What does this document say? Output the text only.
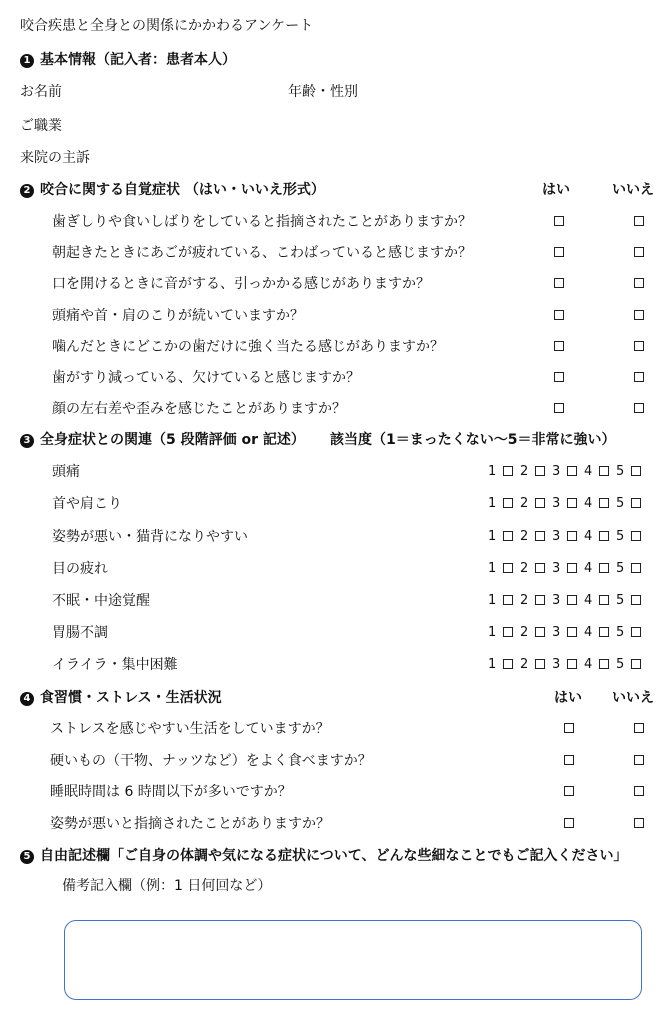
咬合疾患と全身との関係にかかわるアンケート
1 基本情報（記入者：患者本人）
お名前	年齢・性別
ご職業
来院の主訴
2 咬合に関する自覚症状 （はい・いいえ形式）	はい	いいえ
歯ぎしりや食いしばりをしていると指摘されたことがありますか？
朝起きたときにあごが疲れている、こわばっていると感じますか？
口を開けるときに音がする、引っかかる感じがありますか？
頭痛や首・肩のこりが続いていますか？
噛んだときにどこかの歯だけに強く当たる感じがありますか？
歯がすり減っている、欠けていると感じますか？
顔の左右差や歪みを感じたことがありますか？
3 全身症状との関連（5 段階評価 or 記述） 該当度（1＝まったくない～5＝非常に強い）
頭痛	1 2 3 4 5
首や肩こり	1 2 3 4 5
姿勢が悪い・猫背になりやすい	1 2 3 4 5
目の疲れ	1 2 3 4 5
不眠・中途覚醒	1 2 3 4 5
胃腸不調	1 2 3 4 5
イライラ・集中困難	1 2 3 4 5
4 食習慣・ストレス・生活状況	はい いいえ
ストレスを感じやすい生活をしていますか？
硬いもの（干物、ナッツなど）をよく食べますか？
睡眠時間は 6 時間以下が多いですか？
姿勢が悪いと指摘されたことがありますか？
5 自由記述欄「ご自身の体調や気になる症状について、どんな些細なことでもご記入ください」
備考記入欄（例：1 日何回など）
